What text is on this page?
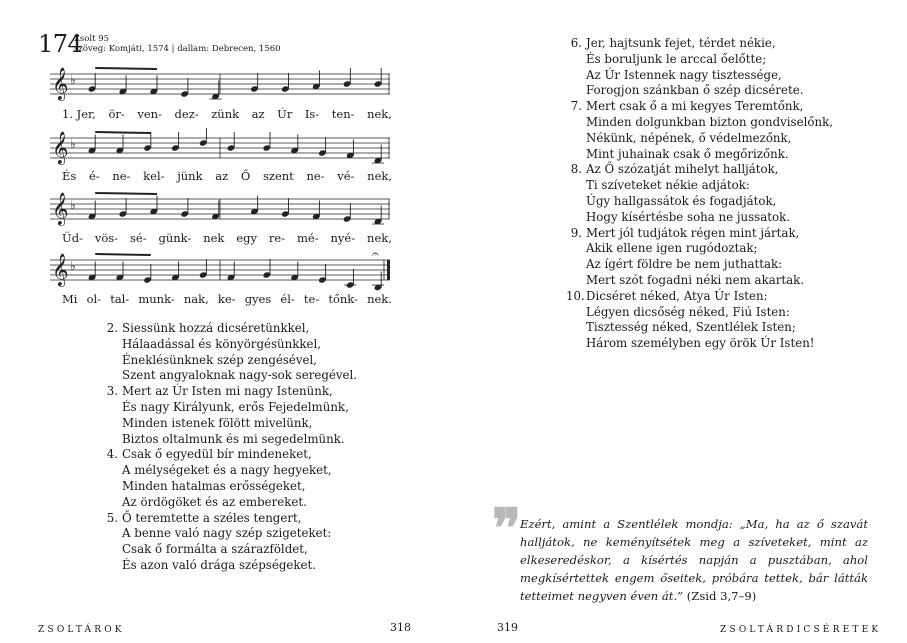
174
Zsolt 95
szöveg: Komjáti, 1574 | dallam: Debrecen, 1560
𝄞 ♭
1. Jer, ör- ven- dez- zünk az Úr Is- ten- nek,
𝄞 ♭
És é- ne- kel- jünk az Ő szent ne- vé- nek,
𝄞 ♭
Üd- vös- sé- günk- nek egy re- mé- nyé- nek,
𝄞 ♭
𝄐
Mi ol- tal- munk- nak, ke- gyes él- te- tőnk- nek.
2. Siessünk hozzá dicséretünkkel,
Hálaadással és könyörgésünkkel,
Éneklésünknek szép zengésével,
Szent angyaloknak nagy-sok seregével.
3. Mert az Úr Isten mi nagy Istenünk,
És nagy Királyunk, erős Fejedelmünk,
Minden istenek fölött mivelünk,
Biztos oltalmunk és mi segedelmünk.
4. Csak ő egyedül bír mindeneket,
A mélységeket és a nagy hegyeket,
Minden hatalmas erősségeket,
Az ördögöket és az embereket.
5. Ő teremtette a széles tengert,
A benne való nagy szép szigeteket:
Csak ő formálta a szárazföldet,
És azon való drága szépségeket.
6. Jer, hajtsunk fejet, térdet nékie,
És boruljunk le arccal őelőtte;
Az Úr Istennek nagy tisztessége,
Forogjon szánkban ő szép dicsérete.
7. Mert csak ő a mi kegyes Teremtőnk,
Minden dolgunkban bizton gondviselőnk,
Nékünk, népének, ő védelmezőnk,
Mint juhainak csak ő megőrizőnk.
8. Az Ő szózatját mihelyt halljátok,
Ti szíveteket nékie adjátok:
Úgy hallgassátok és fogadjátok,
Hogy kísértésbe soha ne jussatok.
9. Mert jól tudjátok régen mint jártak,
Akik ellene igen rugódoztak;
Az ígért földre be nem juthattak:
Mert szót fogadni néki nem akartak.
10.Dicséret néked, Atya Úr Isten:
Légyen dicsőség néked, Fiú Isten:
Tisztesség néked, Szentlélek Isten;
Három személyben egy örök Úr Isten!
❞
Ezért, amint a Szentlélek mondja: „Ma, ha az ő szavát halljátok, ne keményítsétek meg a szíveteket, mint az elkeseredéskor, a kísértés napján a pusztában, ahol megkísértettek engem őseitek, próbára tettek, bár látták tetteimet negyven éven át.” (Zsid 3,7–9)
ZSOLTÁROK	318	319	ZSOLTÁRDICSÉRETEK
